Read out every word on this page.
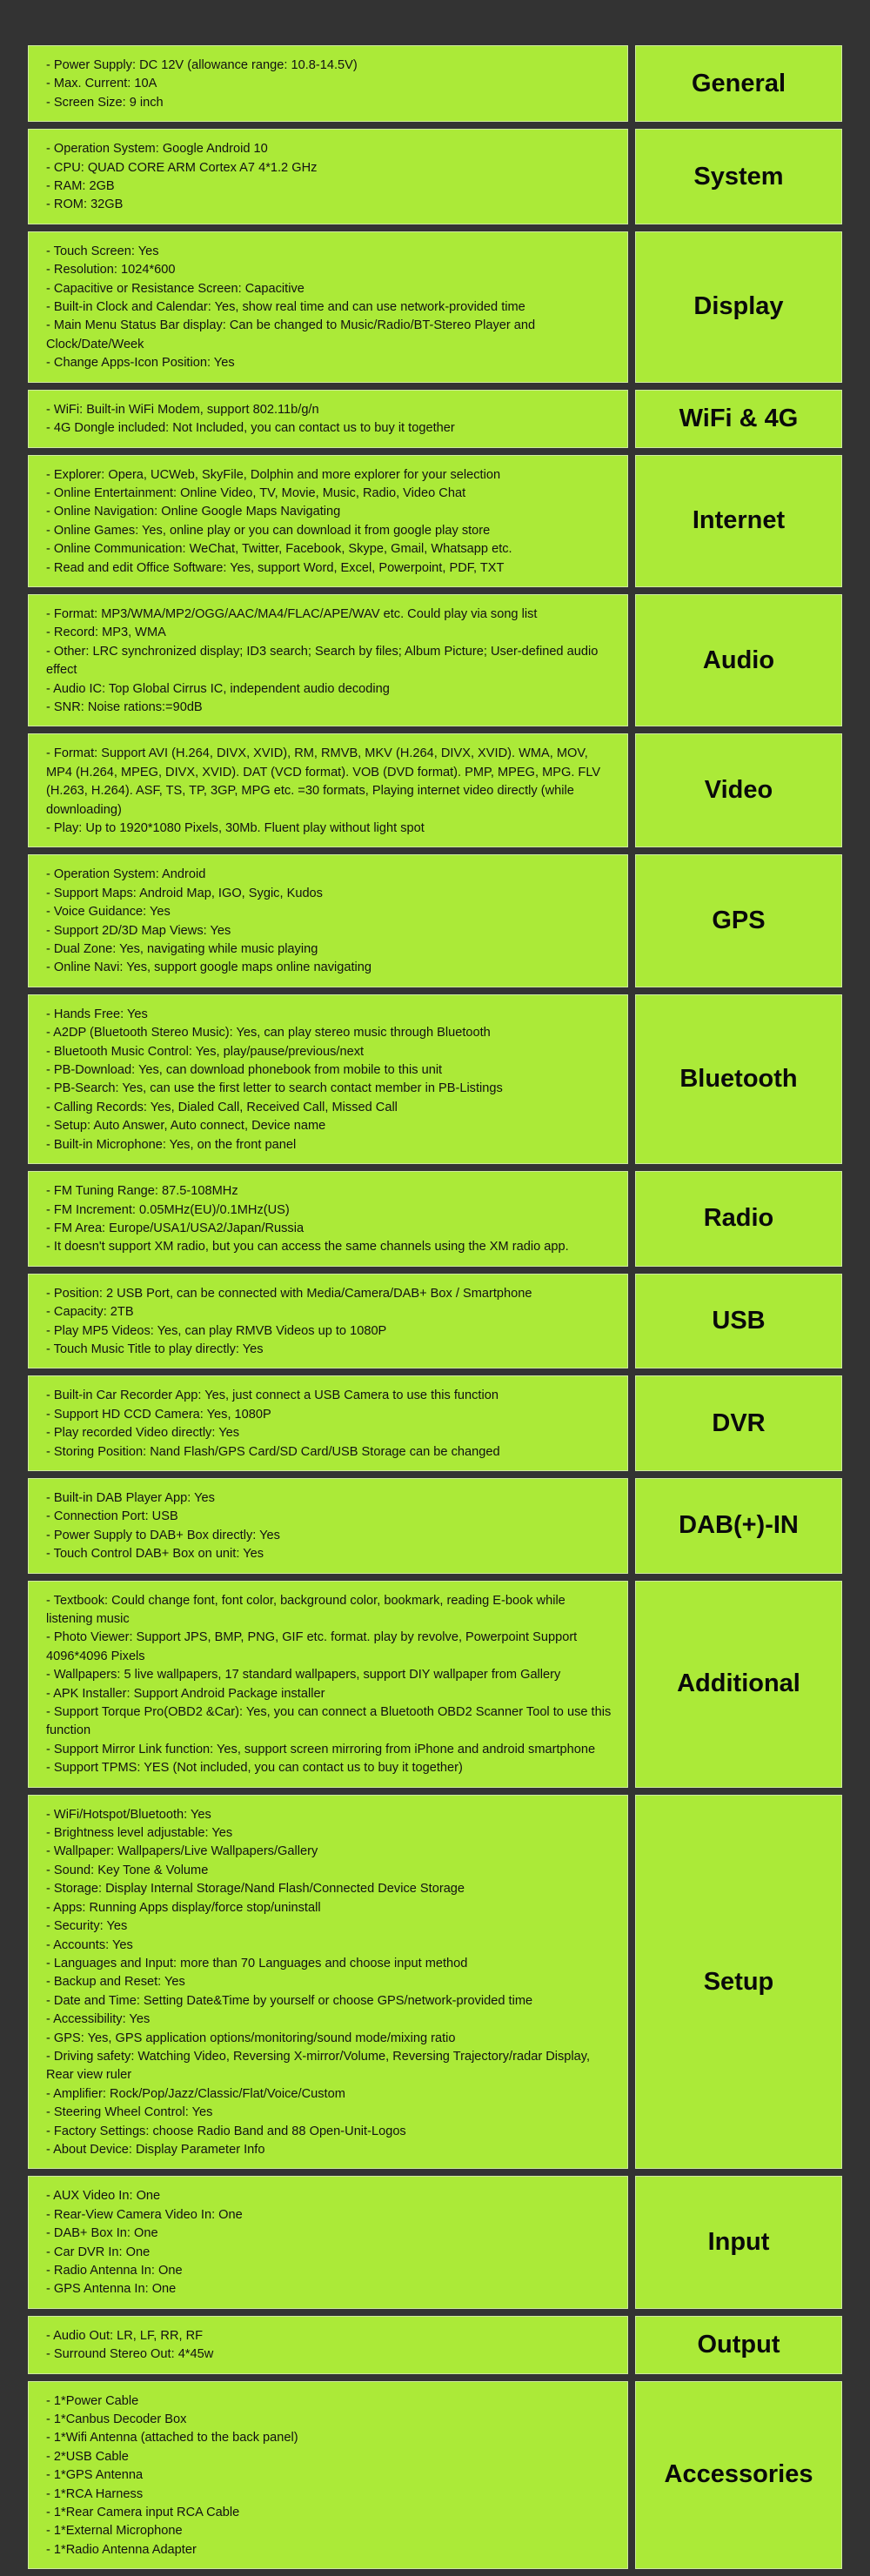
- Power Supply: DC 12V (allowance range: 10.8-14.5V)
- Max. Current: 10A
- Screen Size: 9 inch
General
- Operation System: Google Android 10
- CPU: QUAD CORE ARM Cortex A7 4*1.2 GHz
- RAM: 2GB
- ROM: 32GB
System
- Touch Screen: Yes
- Resolution: 1024*600
- Capacitive or Resistance Screen: Capacitive
- Built-in Clock and Calendar: Yes, show real time and can use network-provided time
- Main Menu Status Bar display: Can be changed to Music/Radio/BT-Stereo Player and Clock/Date/Week
- Change Apps-Icon Position: Yes
Display
- WiFi: Built-in WiFi Modem, support 802.11b/g/n
- 4G Dongle included: Not Included, you can contact us to buy it together	WiFi & 4G
- Explorer: Opera, UCWeb, SkyFile, Dolphin and more explorer for your selection
- Online Entertainment: Online Video, TV, Movie, Music, Radio, Video Chat
- Online Navigation: Online Google Maps Navigating
- Online Games: Yes, online play or you can download it from google play store
- Online Communication: WeChat, Twitter, Facebook, Skype, Gmail, Whatsapp etc.
- Read and edit Office Software: Yes, support Word, Excel, Powerpoint, PDF, TXT
Internet
- Format: MP3/WMA/MP2/OGG/AAC/MA4/FLAC/APE/WAV etc. Could play via song list
- Record: MP3, WMA
- Other: LRC synchronized display; ID3 search; Search by files; Album Picture; User-defined audio effect
- Audio IC: Top Global Cirrus IC, independent audio decoding
- SNR: Noise rations:=90dB
Audio
- Format: Support AVI (H.264, DIVX, XVID), RM, RMVB, MKV (H.264, DIVX, XVID). WMA, MOV, MP4 (H.264, MPEG, DIVX, XVID). DAT (VCD format). VOB (DVD format). PMP, MPEG, MPG. FLV (H.263, H.264). ASF, TS, TP, 3GP, MPG etc. =30 formats, Playing internet video directly (while downloading)
- Play: Up to 1920*1080 Pixels, 30Mb. Fluent play without light spot
Video
- Operation System: Android
- Support Maps: Android Map, IGO, Sygic, Kudos
- Voice Guidance: Yes
- Support 2D/3D Map Views: Yes
- Dual Zone: Yes, navigating while music playing
- Online Navi: Yes, support google maps online navigating
GPS
- Hands Free: Yes
- A2DP (Bluetooth Stereo Music): Yes, can play stereo music through Bluetooth
- Bluetooth Music Control: Yes, play/pause/previous/next
- PB-Download: Yes, can download phonebook from mobile to this unit
- PB-Search: Yes, can use the first letter to search contact member in PB-Listings
- Calling Records: Yes, Dialed Call, Received Call, Missed Call
- Setup: Auto Answer, Auto connect, Device name
- Built-in Microphone: Yes, on the front panel
Bluetooth
- FM Tuning Range: 87.5-108MHz
- FM Increment: 0.05MHz(EU)/0.1MHz(US)
- FM Area: Europe/USA1/USA2/Japan/Russia
- It doesn't support XM radio, but you can access the same channels using the XM radio app.
Radio
- Position: 2 USB Port, can be connected with Media/Camera/DAB+ Box / Smartphone
- Capacity: 2TB
- Play MP5 Videos: Yes, can play RMVB Videos up to 1080P
- Touch Music Title to play directly: Yes
USB
- Built-in Car Recorder App: Yes, just connect a USB Camera to use this function
- Support HD CCD Camera: Yes, 1080P
- Play recorded Video directly: Yes
- Storing Position: Nand Flash/GPS Card/SD Card/USB Storage can be changed
DVR
- Built-in DAB Player App: Yes
- Connection Port: USB
- Power Supply to DAB+ Box directly: Yes
- Touch Control DAB+ Box on unit: Yes
DAB(+)-IN
- Textbook: Could change font, font color, background color, bookmark, reading E-book while listening music
- Photo Viewer: Support JPS, BMP, PNG, GIF etc. format. play by revolve, Powerpoint Support 4096*4096 Pixels
- Wallpapers: 5 live wallpapers, 17 standard wallpapers, support DIY wallpaper from Gallery
- APK Installer: Support Android Package installer
- Support Torque Pro(OBD2 &Car): Yes, you can connect a Bluetooth OBD2 Scanner Tool to use this function
- Support Mirror Link function: Yes, support screen mirroring from iPhone and android smartphone
- Support TPMS: YES (Not included, you can contact us to buy it together)
Additional
- WiFi/Hotspot/Bluetooth: Yes
- Brightness level adjustable: Yes
- Wallpaper: Wallpapers/Live Wallpapers/Gallery
- Sound: Key Tone & Volume
- Storage: Display Internal Storage/Nand Flash/Connected Device Storage
- Apps: Running Apps display/force stop/uninstall
- Security: Yes
- Accounts: Yes
- Languages and Input: more than 70 Languages and choose input method
- Backup and Reset: Yes
- Date and Time: Setting Date&Time by yourself or choose GPS/network-provided time
- Accessibility: Yes
- GPS: Yes, GPS application options/monitoring/sound mode/mixing ratio
- Driving safety: Watching Video, Reversing X-mirror/Volume, Reversing Trajectory/radar Display, Rear view ruler
- Amplifier: Rock/Pop/Jazz/Classic/Flat/Voice/Custom
- Steering Wheel Control: Yes
- Factory Settings: choose Radio Band and 88 Open-Unit-Logos
- About Device: Display Parameter Info
Setup
- AUX Video In: One
- Rear-View Camera Video In: One
- DAB+ Box In: One
- Car DVR In: One
- Radio Antenna In: One
- GPS Antenna In: One
Input
- Audio Out: LR, LF, RR, RF
- Surround Stereo Out: 4*45w	Output
- 1*Power Cable
- 1*Canbus Decoder Box
- 1*Wifi Antenna (attached to the back panel)
- 2*USB Cable
- 1*GPS Antenna
- 1*RCA Harness
- 1*Rear Camera input RCA Cable
- 1*External Microphone
- 1*Radio Antenna Adapter
Accessories
